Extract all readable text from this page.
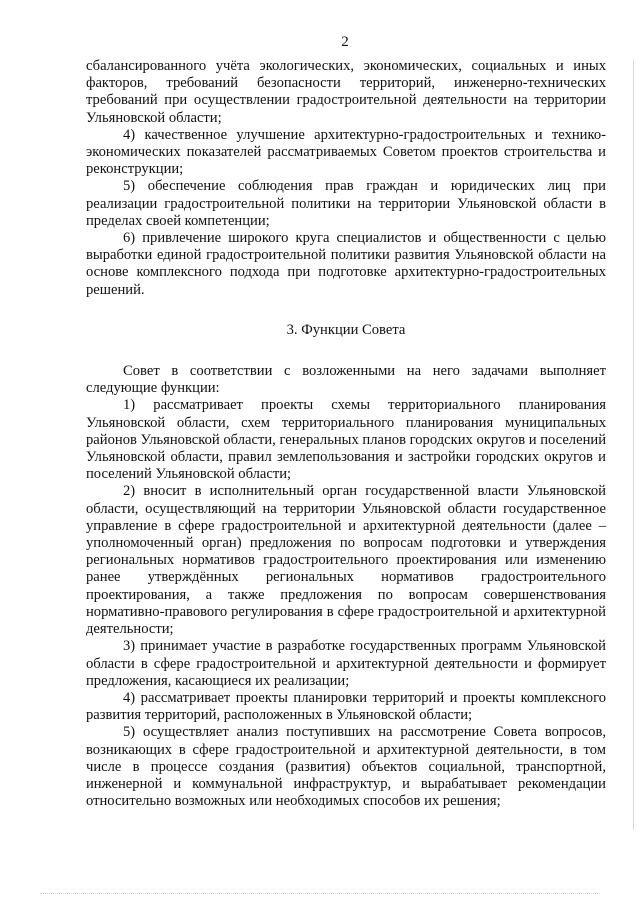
2

сбалансированного учёта экологических, экономических, социальных и иных факторов, требований безопасности территорий, инженерно-технических требований при осуществлении градостроительной деятельности на территории Ульяновской области;

4) качественное улучшение архитектурно-градостроительных и технико-экономических показателей рассматриваемых Советом проектов строительства и реконструкции;

5) обеспечение соблюдения прав граждан и юридических лиц при реализации градостроительной политики на территории Ульяновской области в пределах своей компетенции;

6) привлечение широкого круга специалистов и общественности с целью выработки единой градостроительной политики развития Ульяновской области на основе комплексного подхода при подготовке архитектурно-градостроительных решений.

3. Функции Совета

Совет в соответствии с возложенными на него задачами выполняет следующие функции:

1) рассматривает проекты схемы территориального планирования Ульяновской области, схем территориального планирования муниципальных районов Ульяновской области, генеральных планов городских округов и поселений Ульяновской области, правил землепользования и застройки городских округов и поселений Ульяновской области;

2) вносит в исполнительный орган государственной власти Ульяновской области, осуществляющий на территории Ульяновской области государственное управление в сфере градостроительной и архитектурной деятельности (далее – уполномоченный орган) предложения по вопросам подготовки и утверждения региональных нормативов градостроительного проектирования или изменению ранее утверждённых региональных нормативов градостроительного проектирования, а также предложения по вопросам совершенствования нормативно-правового регулирования в сфере градостроительной и архитектурной деятельности;

3) принимает участие в разработке государственных программ Ульяновской области в сфере градостроительной и архитектурной деятельности и формирует предложения, касающиеся их реализации;

4) рассматривает проекты планировки территорий и проекты комплексного развития территорий, расположенных в Ульяновской области;

5) осуществляет анализ поступивших на рассмотрение Совета вопросов, возникающих в сфере градостроительной и архитектурной деятельности, в том числе в процессе создания (развития) объектов социальной, транспортной, инженерной и коммунальной инфраструктур, и вырабатывает рекомендации относительно возможных или необходимых способов их решения;
